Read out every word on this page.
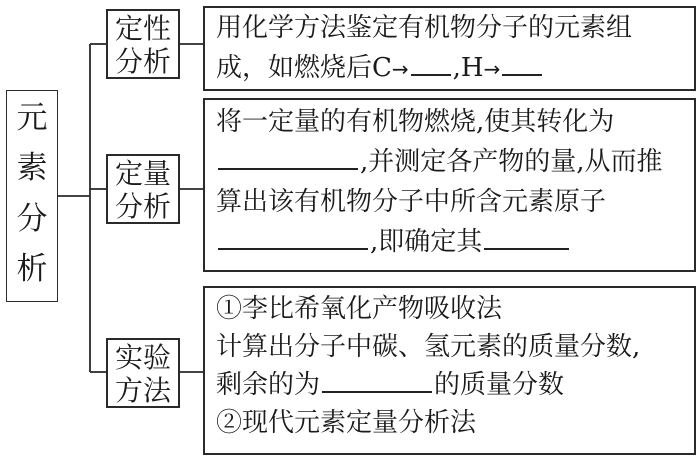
元
素
分
析
定性
分析
用化学方法鉴定有机物分子的元素组
成，如燃烧后C→ ,H→
定量
分析
将一定量的有机物燃烧,使其转化为
,并测定各产物的量,从而推
算出该有机物分子中所含元素原子
,即确定其
实验
方法
①李比希氧化产物吸收法
计算出分子中碳、氢元素的质量分数,
剩余的为	的质量分数
②现代元素定量分析法
